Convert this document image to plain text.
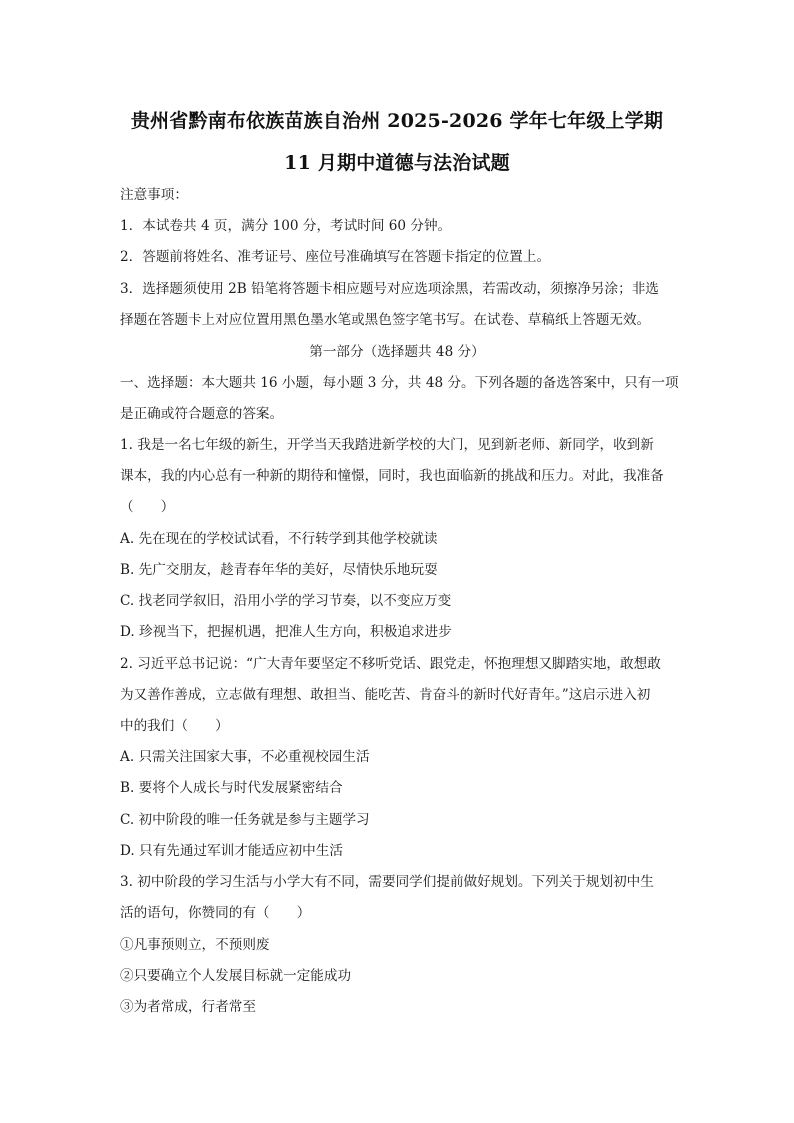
贵州省黔南布依族苗族自治州 2025-2026 学年七年级上学期
11 月期中道德与法治试题
注意事项：
1．本试卷共 4 页，满分 100 分，考试时间 60 分钟。
2．答题前将姓名、准考证号、座位号准确填写在答题卡指定的位置上。
3．选择题须使用 2B 铅笔将答题卡相应题号对应选项涂黑，若需改动，须擦净另涂；非选
择题在答题卡上对应位置用黑色墨水笔或黑色签字笔书写。在试卷、草稿纸上答题无效。
第一部分（选择题共 48 分）
一、选择题：本大题共 16 小题，每小题 3 分，共 48 分。下列各题的备选答案中，只有一项
是正确或符合题意的答案。
1. 我是一名七年级的新生，开学当天我踏进新学校的大门，见到新老师、新同学，收到新
课本，我的内心总有一种新的期待和憧憬，同时，我也面临新的挑战和压力。对此，我准备
（　　）
A. 先在现在的学校试试看，不行转学到其他学校就读
B. 先广交朋友，趁青春年华的美好，尽情快乐地玩耍
C. 找老同学叙旧，沿用小学的学习节奏，以不变应万变
D. 珍视当下，把握机遇，把准人生方向，积极追求进步
2. 习近平总书记说：“广大青年要坚定不移听党话、跟党走，怀抱理想又脚踏实地，敢想敢
为又善作善成，立志做有理想、敢担当、能吃苦、肯奋斗的新时代好青年。”这启示进入初
中的我们（　　）
A. 只需关注国家大事，不必重视校园生活
B. 要将个人成长与时代发展紧密结合
C. 初中阶段的唯一任务就是参与主题学习
D. 只有先通过军训才能适应初中生活
3. 初中阶段的学习生活与小学大有不同，需要同学们提前做好规划。下列关于规划初中生
活的语句，你赞同的有（　　）
①凡事预则立，不预则废
②只要确立个人发展目标就一定能成功
③为者常成，行者常至
